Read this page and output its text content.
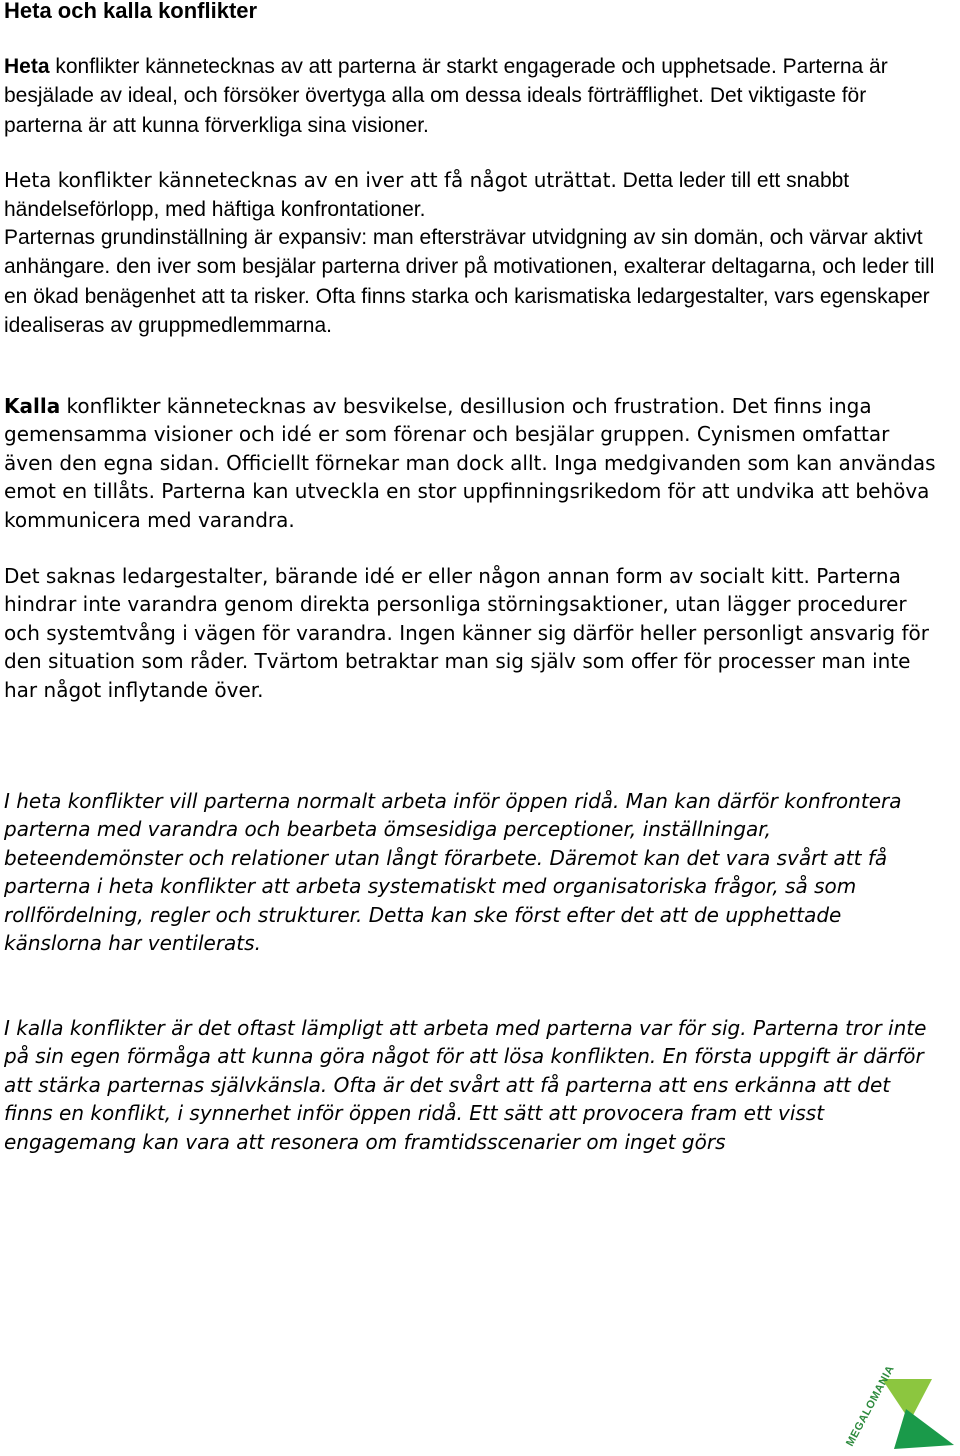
Heta och kalla konflikter

Heta konflikter kännetecknas av att parterna är starkt engagerade och upphetsade. Parterna är besjälade av ideal, och försöker övertyga alla om dessa ideals förträfflighet. Det viktigaste för parterna är att kunna förverkliga sina visioner.

Heta konflikter kännetecknas av en iver att få något uträttat. Detta leder till ett snabbt händelseförlopp, med häftiga konfrontationer.

Parternas grundinställning är expansiv: man eftersträvar utvidgning av sin domän, och värvar aktivt anhängare. den iver som besjälar parterna driver på motivationen, exalterar deltagarna, och leder till en ökad benägenhet att ta risker. Ofta finns starka och karismatiska ledargestalter, vars egenskaper idealiseras av gruppmedlemmarna.

Kalla konflikter kännetecknas av besvikelse, desillusion och frustration. Det finns inga gemensamma visioner och idé er som förenar och besjälar gruppen. Cynismen omfattar även den egna sidan. Officiellt förnekar man dock allt. Inga medgivanden som kan användas emot en tillåts. Parterna kan utveckla en stor uppfinningsrikedom för att undvika att behöva kommunicera med varandra.

Det saknas ledargestalter, bärande idé er eller någon annan form av socialt kitt. Parterna hindrar inte varandra genom direkta personliga störningsaktioner, utan lägger procedurer och systemtvång i vägen för varandra. Ingen känner sig därför heller personligt ansvarig för den situation som råder. Tvärtom betraktar man sig själv som offer för processer man inte har något inflytande över.

I heta konflikter vill parterna normalt arbeta inför öppen ridå. Man kan därför konfrontera parterna med varandra och bearbeta ömsesidiga perceptioner, inställningar, beteendemönster och relationer utan långt förarbete. Däremot kan det vara svårt att få parterna i heta konflikter att arbeta systematiskt med organisatoriska frågor, så som rollfördelning, regler och strukturer. Detta kan ske först efter det att de upphettade känslorna har ventilerats.

I kalla konflikter är det oftast lämpligt att arbeta med parterna var för sig. Parterna tror inte på sin egen förmåga att kunna göra något för att lösa konflikten. En första uppgift är därför att stärka parternas självkänsla. Ofta är det svårt att få parterna att ens erkänna att det finns en konflikt, i synnerhet inför öppen ridå. Ett sätt att provocera fram ett visst engagemang kan vara att resonera om framtidsscenarier om inget görs

MEGALOMANIA
